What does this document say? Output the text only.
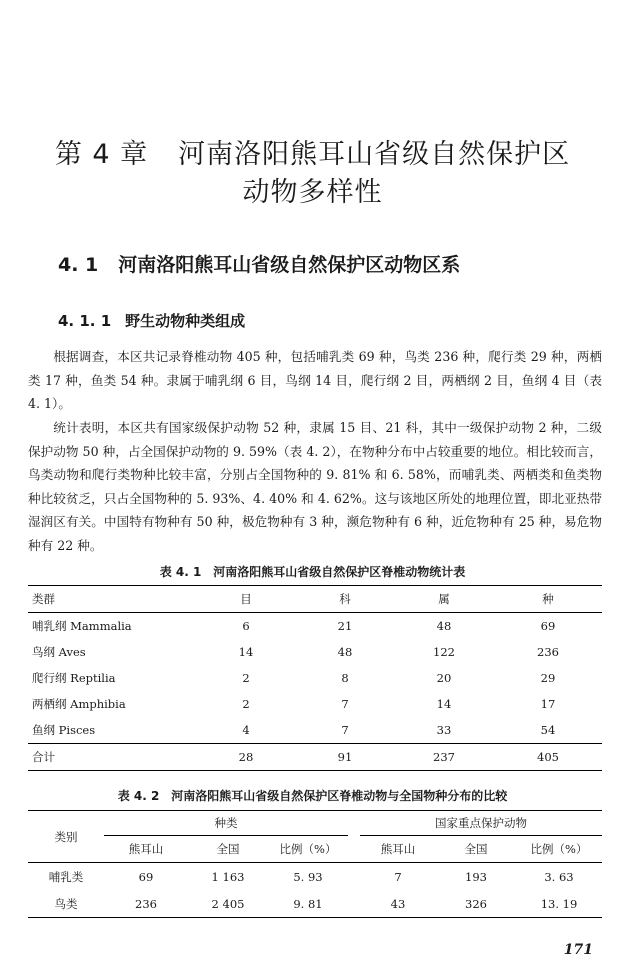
第 4 章 河南洛阳熊耳山省级自然保护区
动物多样性
4. 1 河南洛阳熊耳山省级自然保护区动物区系
4. 1. 1 野生动物种类组成
根据调查，本区共记录脊椎动物 405 种，包括哺乳类 69 种，鸟类 236 种，爬行类 29 种，两栖类 17 种，鱼类 54 种。隶属于哺乳纲 6 目，鸟纲 14 目，爬行纲 2 目，两栖纲 2 目，鱼纲 4 目（表 4. 1）。
统计表明，本区共有国家级保护动物 52 种，隶属 15 目、21 科，其中一级保护动物 2 种，二级保护动物 50 种，占全国保护动物的 9. 59%（表 4. 2），在物种分布中占较重要的地位。相比较而言，鸟类动物和爬行类物种比较丰富，分别占全国物种的 9. 81% 和 6. 58%，而哺乳类、两栖类和鱼类物种比较贫乏，只占全国物种的 5. 93%、4. 40% 和 4. 62%。这与该地区所处的地理位置，即北亚热带湿润区有关。中国特有物种有 50 种，极危物种有 3 种，濒危物种有 6 种，近危物种有 25 种，易危物种有 22 种。
表 4. 1　河南洛阳熊耳山省级自然保护区脊椎动物统计表
类群	目	科	属	种
哺乳纲 Mammalia	6	21	48	69
鸟纲 Aves	14	48	122	236
爬行纲 Reptilia	2	8	20	29
两栖纲 Amphibia	2	7	14	17
鱼纲 Pisces	4	7	33	54
合计	28	91	237	405
表 4. 2　河南洛阳熊耳山省级自然保护区脊椎动物与全国物种分布的比较
类别	种类				国家重点保护动物		
	熊耳山	全国	比例（%）		熊耳山	全国	比例（%）
哺乳类	69	1 163	5. 93		7	193	3. 63
鸟类	236	2 405	9. 81		43	326	13. 19
171
